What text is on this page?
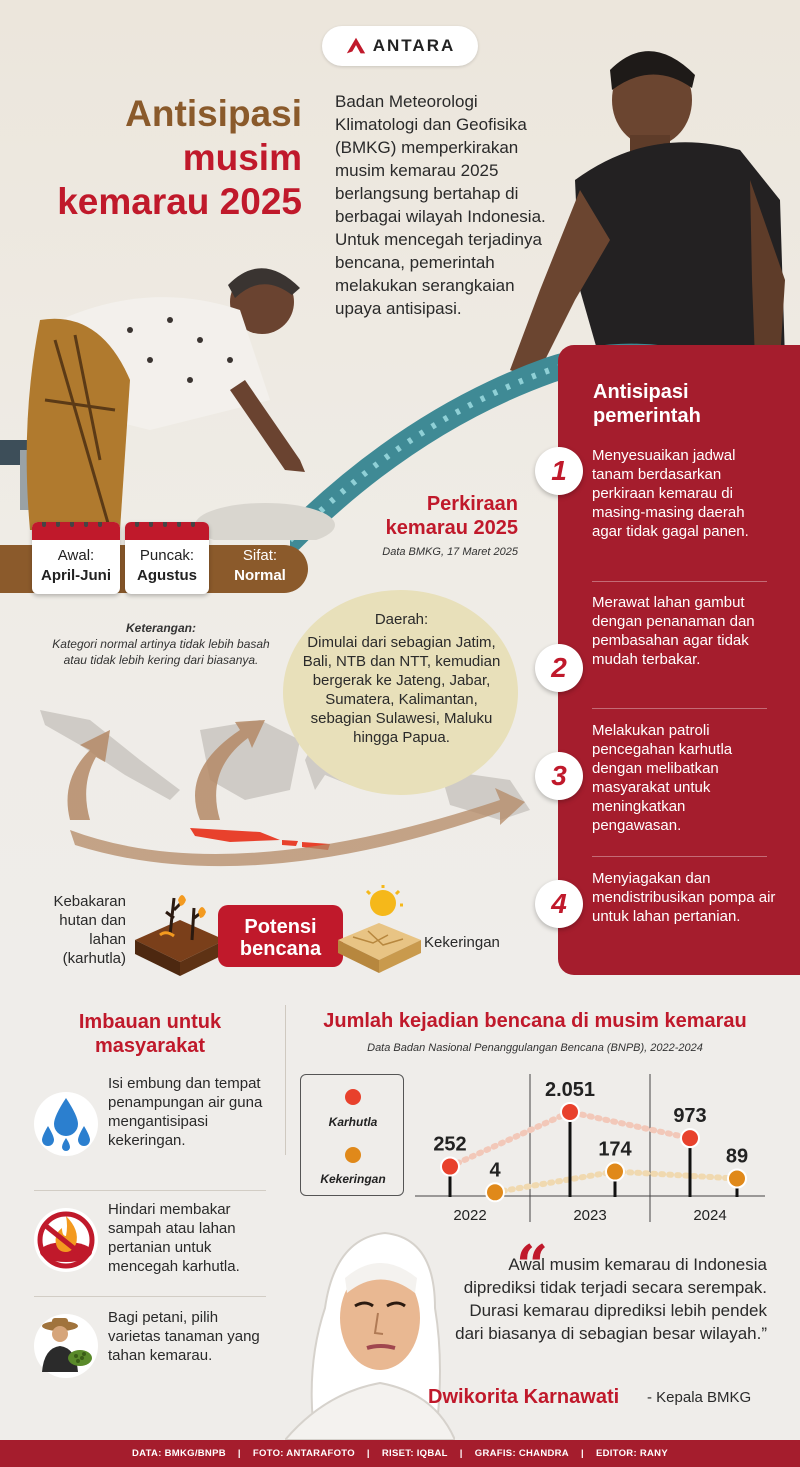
ANTARA
Antisipasi
musim
kemarau 2025
Badan Meteorologi Klimatologi dan Geofisika (BMKG) memperkirakan musim kemarau 2025 berlangsung bertahap di berbagai wilayah Indonesia. Untuk mencegah terjadinya bencana, pemerintah melakukan serangkaian upaya antisipasi.
Antisipasi
pemerintah
1	Menyesuaikan jadwal tanam berdasarkan perkiraan kemarau di masing-masing daerah agar tidak gagal panen.
2
Merawat lahan gambut dengan penanaman dan pembasahan agar tidak mudah terbakar.
3
Melakukan patroli pencegahan karhutla dengan melibatkan masyarakat untuk meningkatkan pengawasan.
4
Menyiagakan dan mendistribusikan pompa air untuk lahan pertanian.
Perkiraan
kemarau 2025
Data BMKG, 17 Maret 2025
Awal:
April-Juni
Puncak:
Agustus
Sifat:
Normal
Keterangan:
Kategori normal artinya tidak lebih basah atau tidak lebih kering dari biasanya.
Daerah:
Dimulai dari sebagian Jatim, Bali, NTB dan NTT, kemudian bergerak ke Jateng, Jabar, Sumatera, Kalimantan, sebagian Sulawesi, Maluku hingga Papua.
Kebakaran
hutan dan
lahan
(karhutla)
Potensi
bencana	Kekeringan
Imbauan untuk
masyarakat
Isi embung dan tempat penampungan air guna mengantisipasi kekeringan.
Hindari membakar sampah atau lahan pertanian untuk mencegah karhutla.
Bagi petani, pilih varietas tanaman yang tahan kemarau.
Jumlah kejadian bencana di musim kemarau
Data Badan Nasional Penanggulangan Bencana (BNPB), 2022-2024
Karhutla
Kekeringan
252
2.051
973
4
174	89
2022	2023	2024
“
Awal musim kemarau di Indonesia diprediksi tidak terjadi secara serempak. Durasi kemarau diprediksi lebih pendek dari biasanya di sebagian besar wilayah.”
Dwikorita Karnawati - Kepala BMKG
DATA: BMKG/BNPB | FOTO: ANTARAFOTO | RISET: IQBAL | GRAFIS: CHANDRA | EDITOR: RANY
